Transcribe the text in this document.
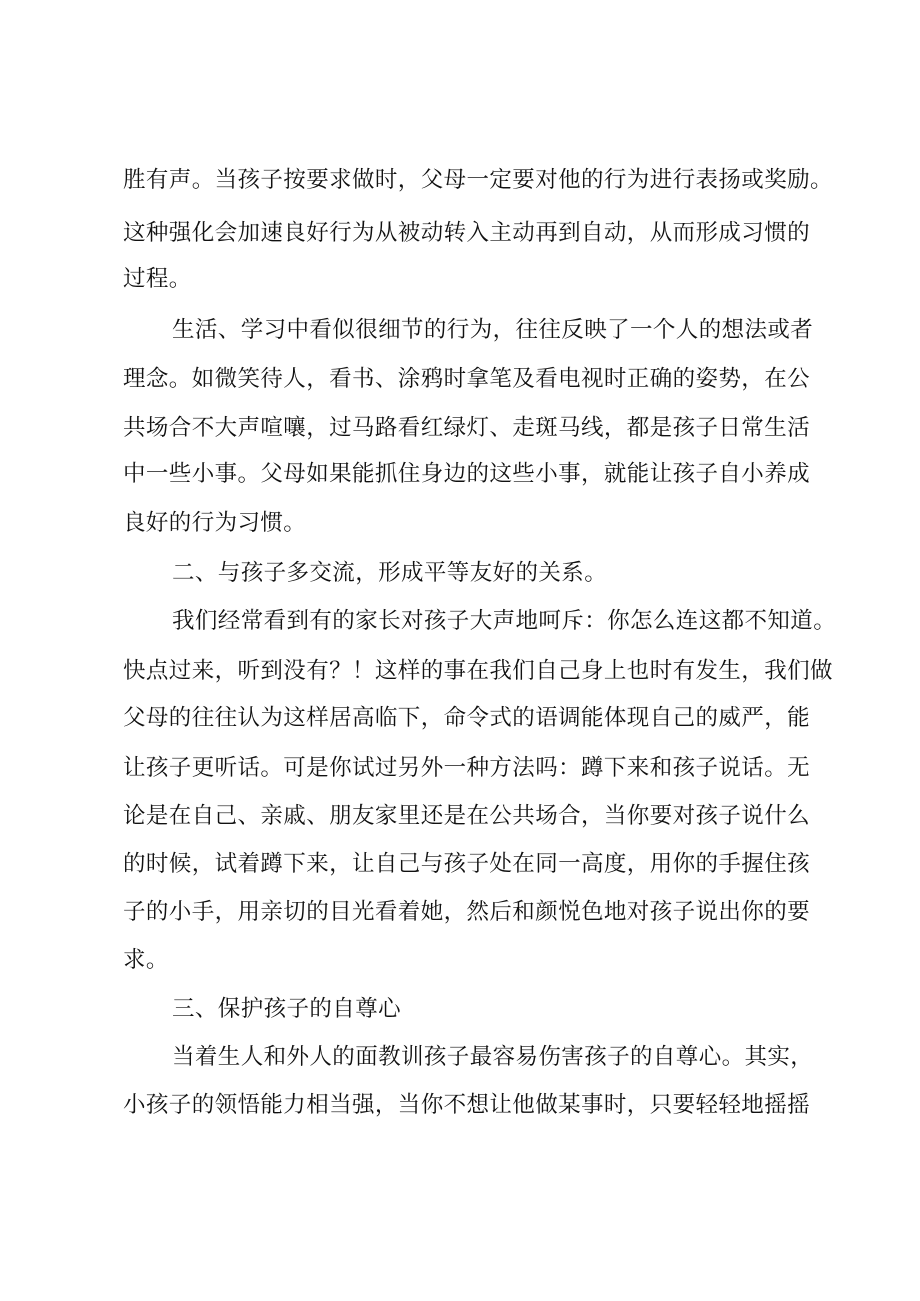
胜有声。当孩子按要求做时，父母一定要对他的行为进行表扬或奖励。
这种强化会加速良好行为从被动转入主动再到自动，从而形成习惯的
过程。
生活、学习中看似很细节的行为，往往反映了一个人的想法或者
理念。如微笑待人，看书、涂鸦时拿笔及看电视时正确的姿势，在公
共场合不大声喧嚷，过马路看红绿灯、走斑马线，都是孩子日常生活
中一些小事。父母如果能抓住身边的这些小事，就能让孩子自小养成
良好的行为习惯。
二、与孩子多交流，形成平等友好的关系。
我们经常看到有的家长对孩子大声地呵斥：你怎么连这都不知道。
快点过来，听到没有？！这样的事在我们自己身上也时有发生，我们做
父母的往往认为这样居高临下，命令式的语调能体现自己的威严，能
让孩子更听话。可是你试过另外一种方法吗：蹲下来和孩子说话。无
论是在自己、亲戚、朋友家里还是在公共场合，当你要对孩子说什么
的时候，试着蹲下来，让自己与孩子处在同一高度，用你的手握住孩
子的小手，用亲切的目光看着她，然后和颜悦色地对孩子说出你的要
求。
三、保护孩子的自尊心
当着生人和外人的面教训孩子最容易伤害孩子的自尊心。其实，
小孩子的领悟能力相当强，当你不想让他做某事时，只要轻轻地摇摇
